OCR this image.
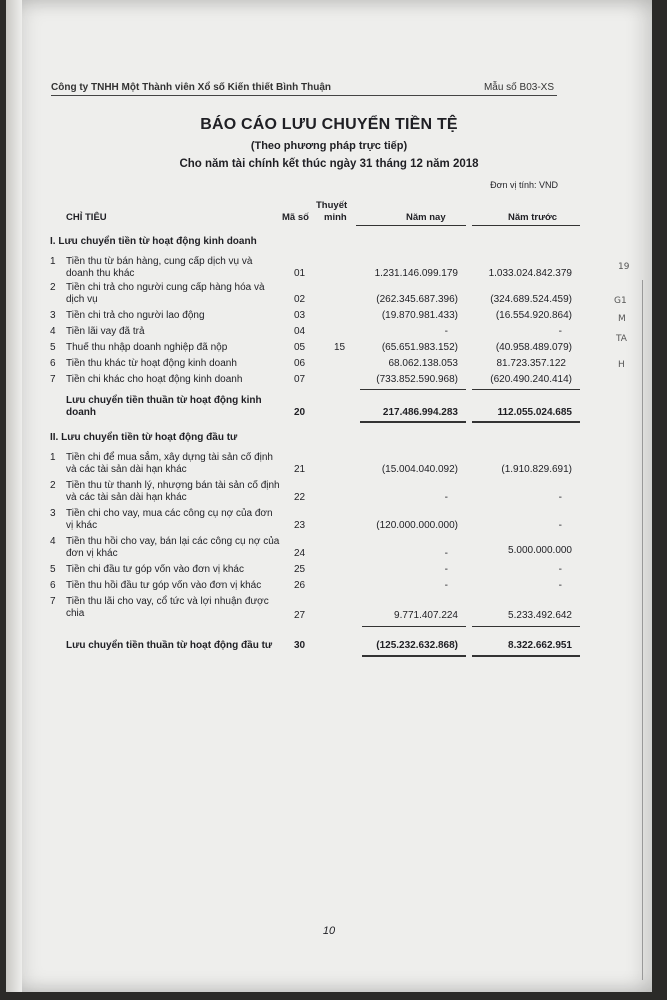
Công ty TNHH Một Thành viên Xổ số Kiến thiết Bình Thuận	Mẫu số B03-XS
BÁO CÁO LƯU CHUYỂN TIỀN TỆ
(Theo phương pháp trực tiếp)
Cho năm tài chính kết thúc ngày 31 tháng 12 năm 2018
Đơn vị tính: VND
CHỈ TIÊU	Mã số
Thuyết
minh	Năm nay	Năm trước
I. Lưu chuyển tiền từ hoạt động kinh doanh
1 Tiền thu từ bán hàng, cung cấp dịch vụ và doanh thu khác	01	1.231.146.099.179	1.033.024.842.379
2 Tiền chi trả cho người cung cấp hàng hóa và dịch vụ	02	(262.345.687.396)	(324.689.524.459)
3 Tiền chi trả cho người lao động	03	(19.870.981.433)	(16.554.920.864)
4 Tiền lãi vay đã trả	04	-	-
5 Thuế thu nhập doanh nghiệp đã nộp	05	15	(65.651.983.152)	(40.958.489.079)
6 Tiền thu khác từ hoạt động kinh doanh	06	68.062.138.053	81.723.357.122
7 Tiền chi khác cho hoạt động kinh doanh	07	(733.852.590.968)	(620.490.240.414)
Lưu chuyển tiền thuần từ hoạt động kinh doanh	20	217.486.994.283	112.055.024.685
II. Lưu chuyển tiền từ hoạt động đầu tư
1 Tiền chi để mua sắm, xây dựng tài sản cố định và các tài sản dài hạn khác	21	(15.004.040.092)	(1.910.829.691)
2 Tiền thu từ thanh lý, nhượng bán tài sản cố định và các tài sản dài hạn khác	22	-	-
3 Tiền chi cho vay, mua các công cụ nợ của đơn vị khác	23	(120.000.000.000)	-
4 Tiền thu hồi cho vay, bán lại các công cụ nợ của đơn vị khác	24	-	5.000.000.000
5 Tiền chi đầu tư góp vốn vào đơn vị khác	25	-	-
6 Tiền thu hồi đầu tư góp vốn vào đơn vị khác	26	-	-
7 Tiền thu lãi cho vay, cổ tức và lợi nhuận được chia	27	9.771.407.224	5.233.492.642
Lưu chuyển tiền thuần từ hoạt động đầu tư 30	(125.232.632.868)	8.322.662.951
19
G1
M
TA
H
10
